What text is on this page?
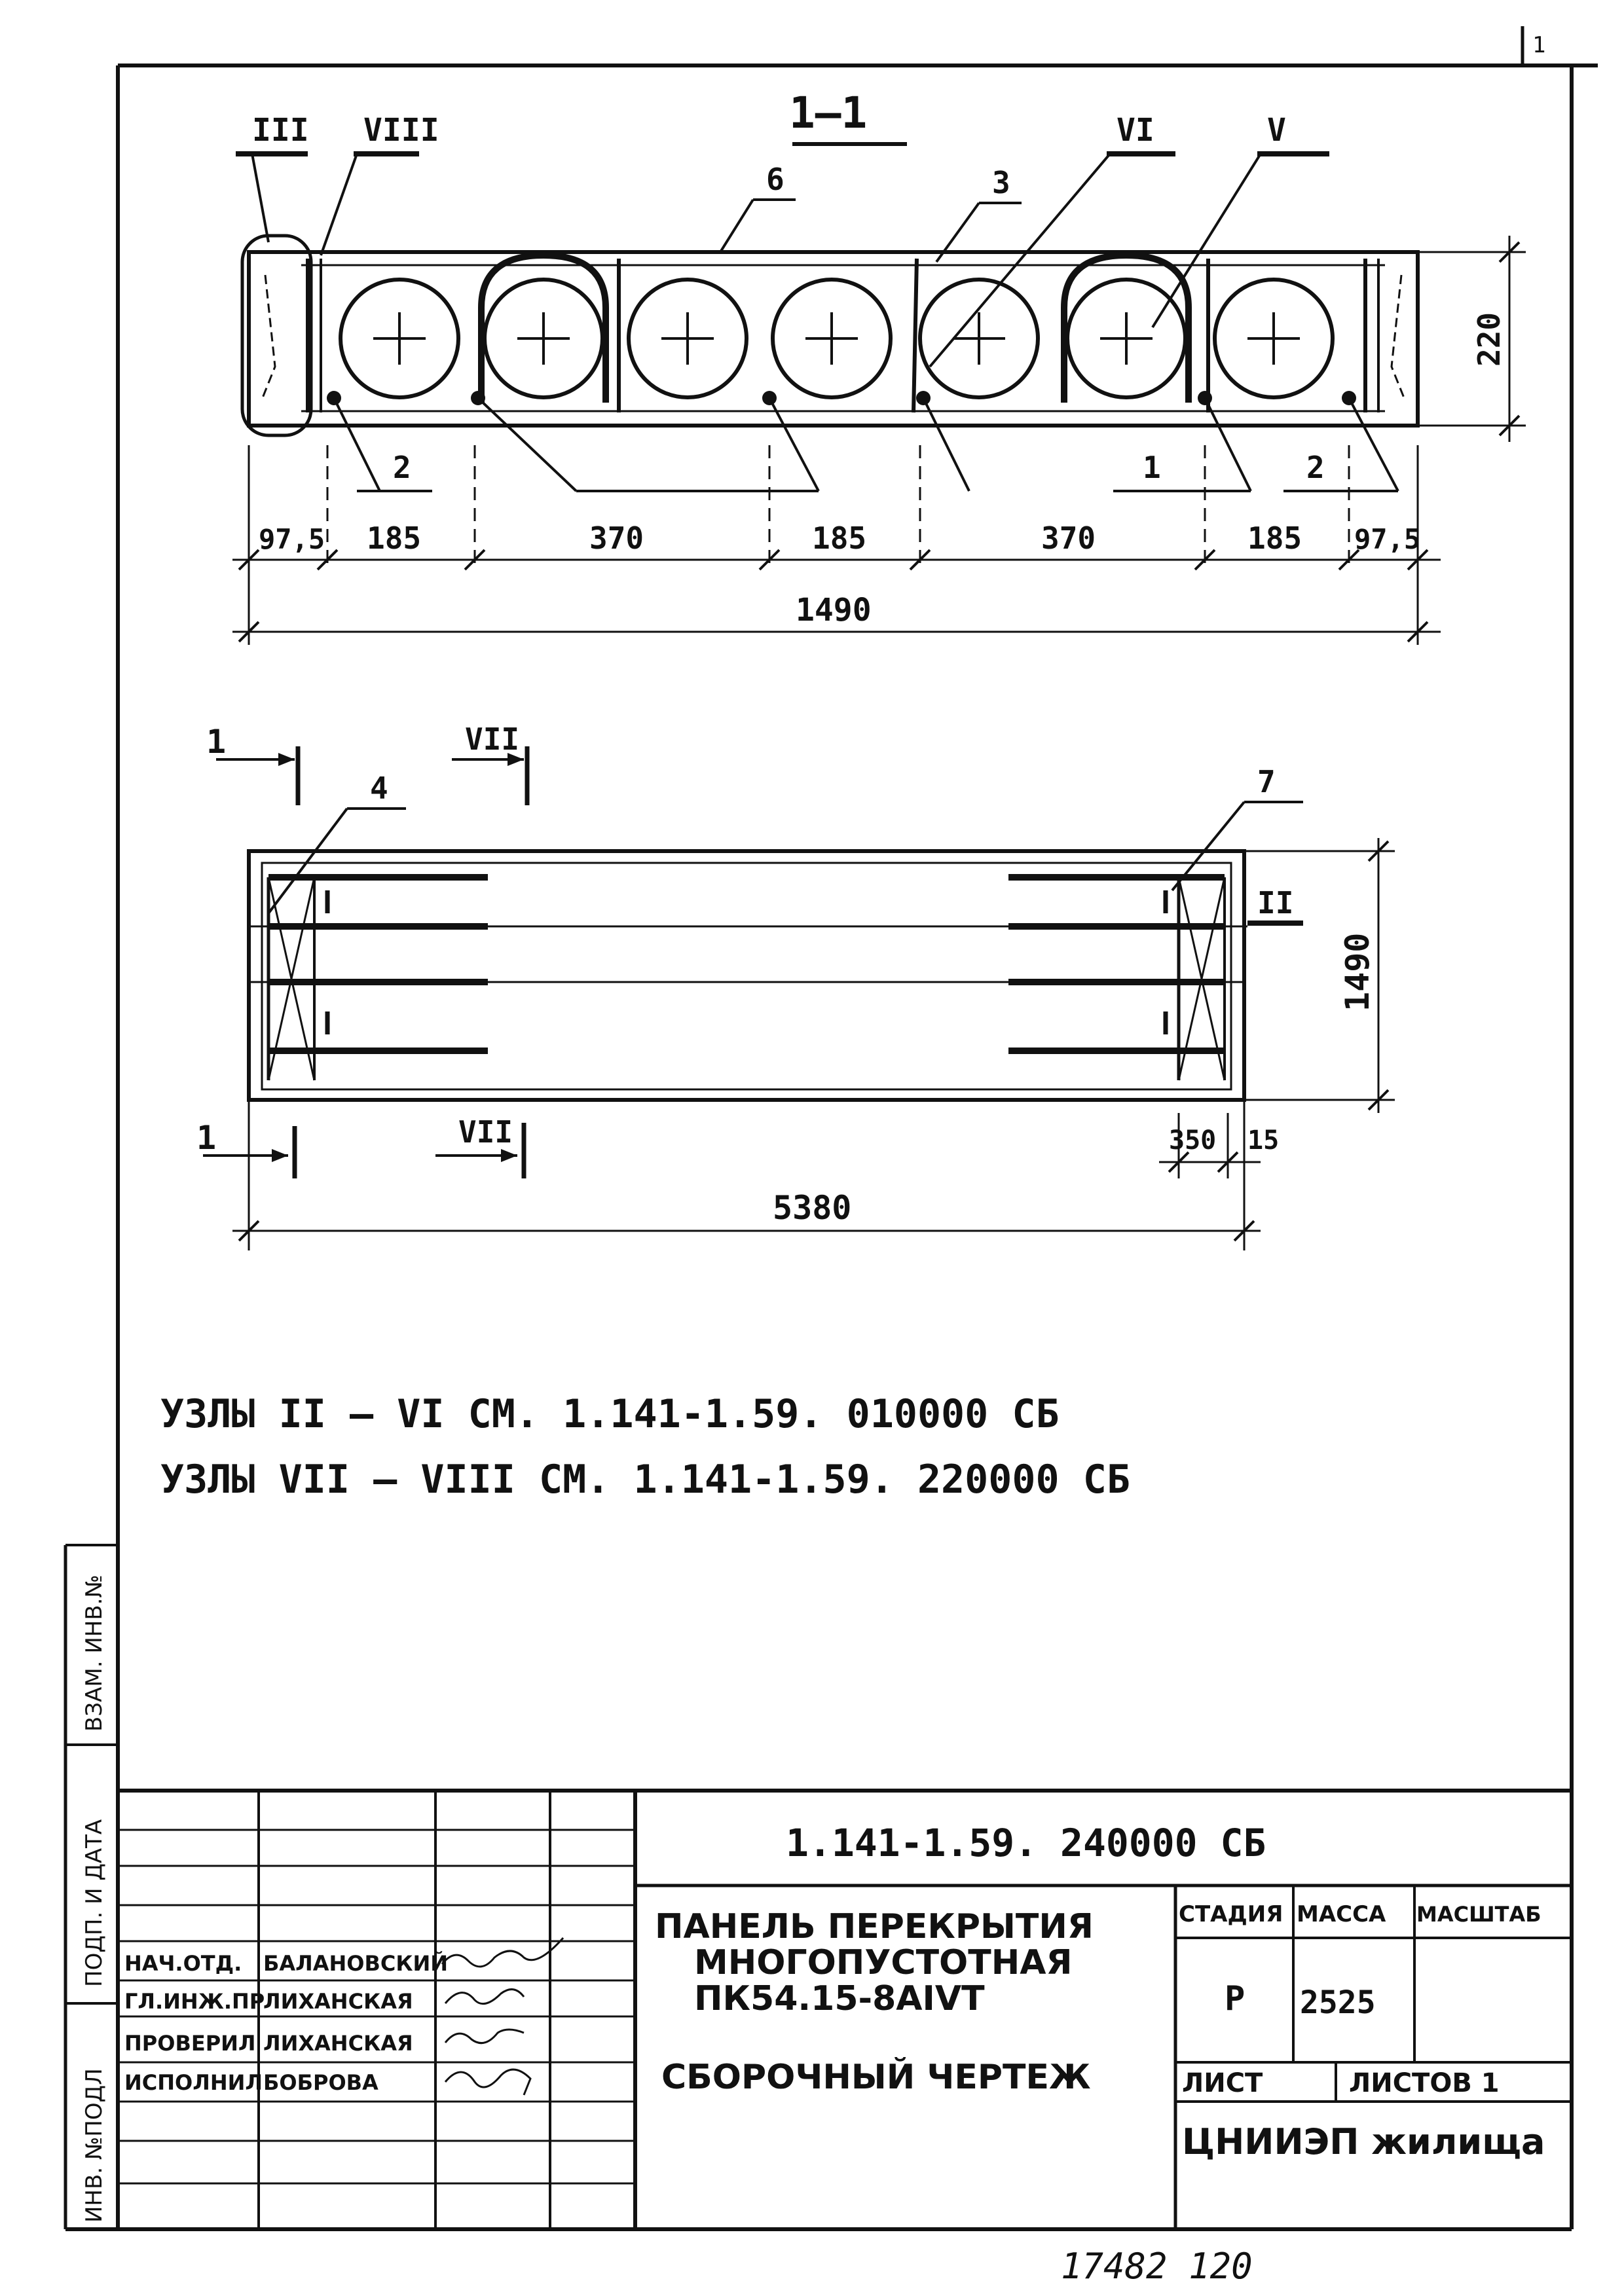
1
1—1
III VIII	VI	V
6	3
2	1	2
220
97,5 185	370	185	370	185 97,5
1490
4	7
II
1	VII
1	VII
1490
350 15
5380
УЗЛЫ II – VI СМ. 1.141-1.59. 010000 СБ
УЗЛЫ VII – VIII СМ. 1.141-1.59. 220000 СБ
ВЗАМ. ИНВ.№
ПОДП. И ДАТА
ИНВ. №ПОДЛ
1.141-1.59. 240000 СБ
ПАНЕЛЬ ПЕРЕКРЫТИЯ
МНОГОПУСТОТНАЯ
ПК54.15-8АIVТ
СБОРОЧНЫЙ ЧЕРТЕЖ
СТАДИЯ МАССА МАСШТАБ
Р 2525
ЛИСТ	ЛИСТОВ 1
ЦНИИЭП жилища
НАЧ.ОТД. БАЛАНОВСКИЙ
ГЛ.ИНЖ.ПР
ЛИХАНСКАЯ
ПРОВЕРИЛ ЛИХАНСКАЯ
ИСПОЛНИЛ БОБРОВА
17482 120
